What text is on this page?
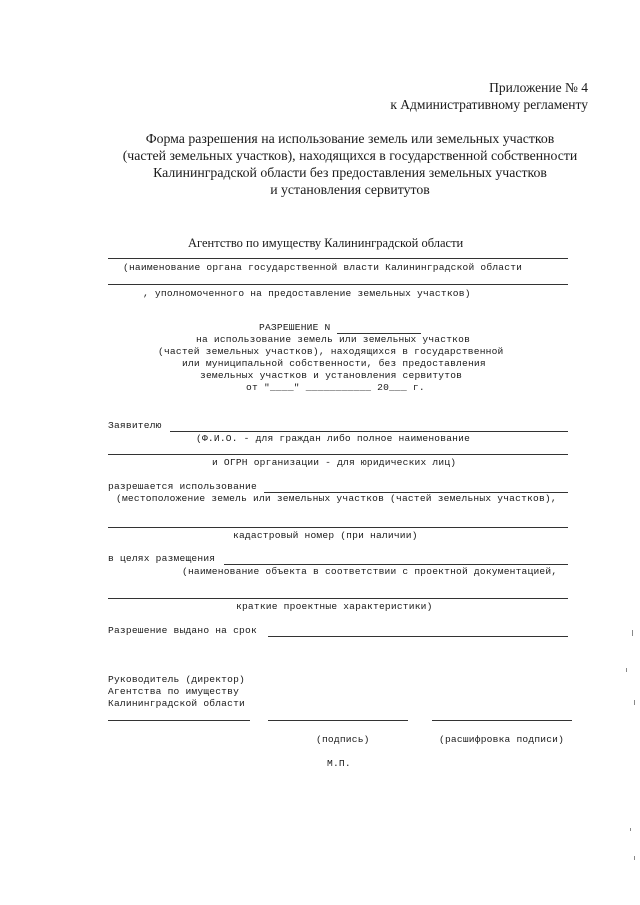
Приложение № 4
к Административному регламенту
Форма разрешения на использование земель или земельных участков
(частей земельных участков), находящихся в государственной собственности
Калининградской области без предоставления земельных участков
и установления сервитутов
Агентство по имуществу Калининградской области
(наименование органа государственной власти Калининградской области
, уполномоченного на предоставление земельных участков)
РАЗРЕШЕНИЕ N
на использование земель или земельных участков
(частей земельных участков), находящихся в государственной
или муниципальной собственности, без предоставления
земельных участков и установления сервитутов
от "____" ___________ 20___ г.
Заявителю
(Ф.И.О. - для граждан либо полное наименование
и ОГРН организации - для юридических лиц)
разрешается использование
(местоположение земель или земельных участков (частей земельных участков),
кадастровый номер (при наличии)
в целях размещения
(наименование объекта в соответствии с проектной документацией,
краткие проектные характеристики)
Разрешение выдано на срок
Руководитель (директор)
Агентства по имуществу
Калининградской области
(подпись)	(расшифровка подписи)
М.П.
